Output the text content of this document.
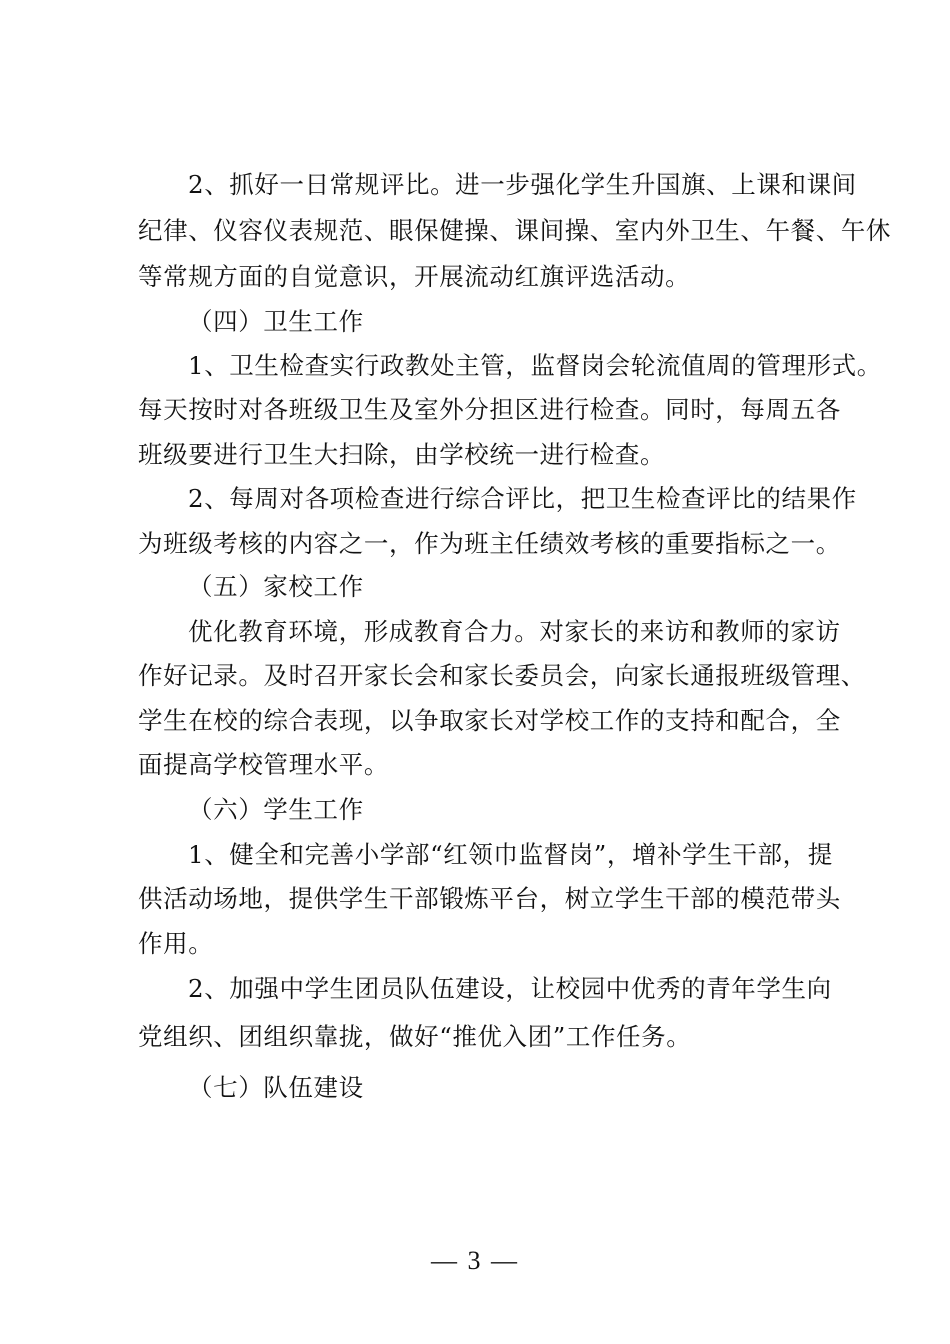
2、抓好一日常规评比。进一步强化学生升国旗、上课和课间
纪律、仪容仪表规范、眼保健操、课间操、室内外卫生、午餐、午休
等常规方面的自觉意识，开展流动红旗评选活动。
（四）卫生工作
1、卫生检查实行政教处主管，监督岗会轮流值周的管理形式。
每天按时对各班级卫生及室外分担区进行检查。同时，每周五各
班级要进行卫生大扫除，由学校统一进行检查。
2、每周对各项检查进行综合评比，把卫生检查评比的结果作
为班级考核的内容之一，作为班主任绩效考核的重要指标之一。
（五）家校工作
优化教育环境，形成教育合力。对家长的来访和教师的家访
作好记录。及时召开家长会和家长委员会，向家长通报班级管理、
学生在校的综合表现，以争取家长对学校工作的支持和配合，全
面提高学校管理水平。
（六）学生工作
1、健全和完善小学部“红领巾监督岗”，增补学生干部，提
供活动场地，提供学生干部锻炼平台，树立学生干部的模范带头
作用。
2、加强中学生团员队伍建设，让校园中优秀的青年学生向
党组织、团组织靠拢，做好“推优入团”工作任务。
（七）队伍建设
— 3 —
